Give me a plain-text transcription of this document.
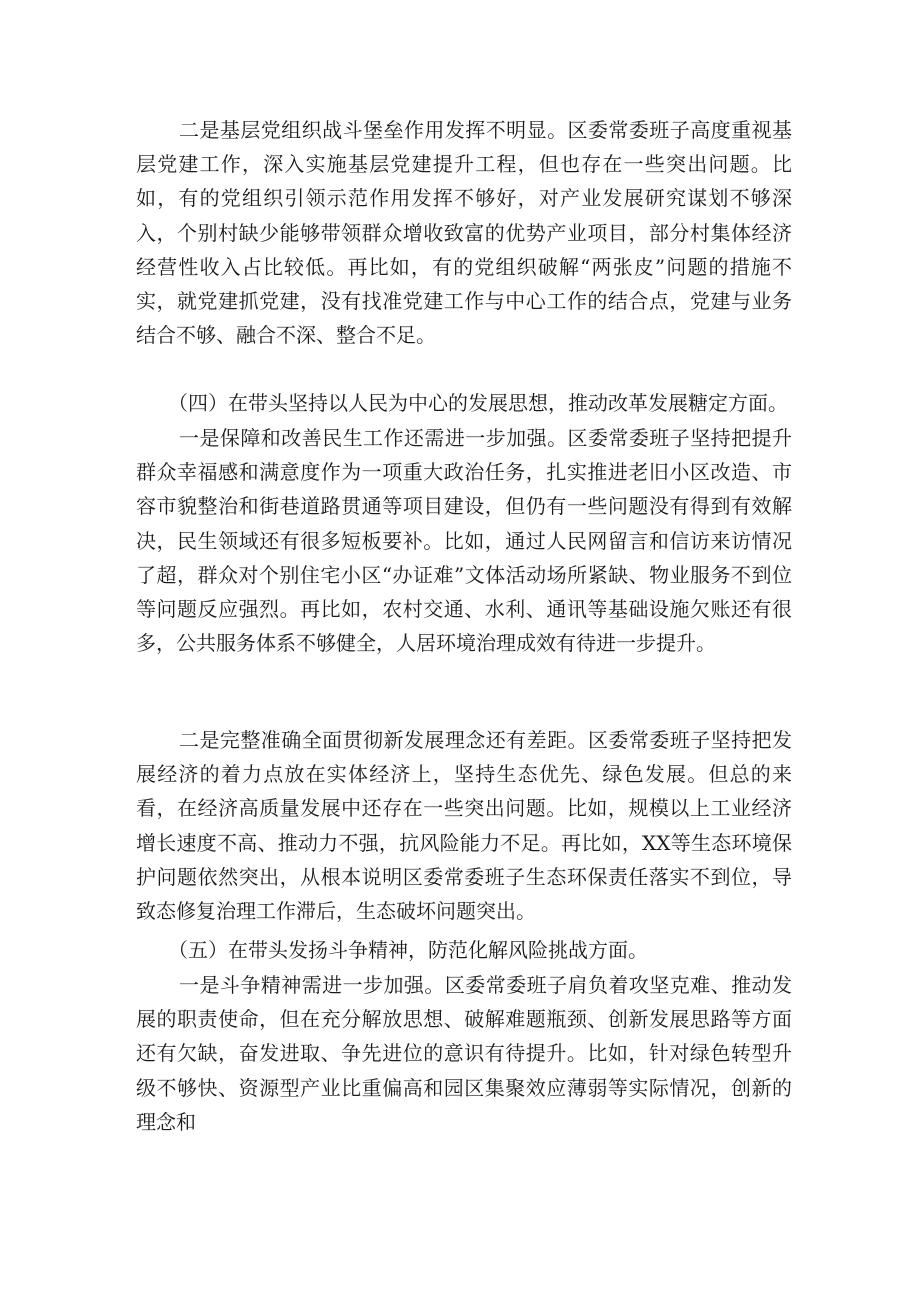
二是基层党组织战斗堡垒作用发挥不明显。区委常委班子高度重视基层党建工作，深入实施基层党建提升工程，但也存在一些突出问题。比如，有的党组织引领示范作用发挥不够好，对产业发展研究谋划不够深入，个别村缺少能够带领群众增收致富的优势产业项目，部分村集体经济经营性收入占比较低。再比如，有的党组织破解“两张皮”问题的措施不实，就党建抓党建，没有找准党建工作与中心工作的结合点，党建与业务结合不够、融合不深、整合不足。

（四）在带头坚持以人民为中心的发展思想，推动改革发展糖定方面。

一是保障和改善民生工作还需进一步加强。区委常委班子坚持把提升群众幸福感和满意度作为一项重大政治任务，扎实推进老旧小区改造、市容市貌整治和街巷道路贯通等项目建设，但仍有一些问题没有得到有效解决，民生领域还有很多短板要补。比如，通过人民网留言和信访来访情况了超，群众对个别住宅小区“办证难”文体活动场所紧缺、物业服务不到位等问题反应强烈。再比如，农村交通、水利、通讯等基础设施欠账还有很多，公共服务体系不够健全，人居环境治理成效有待进一步提升。

二是完整准确全面贯彻新发展理念还有差距。区委常委班子坚持把发展经济的着力点放在实体经济上，坚持生态优先、绿色发展。但总的来看，在经济高质量发展中还存在一些突出问题。比如，规模以上工业经济增长速度不高、推动力不强，抗风险能力不足。再比如，XX等生态环境保护问题依然突出，从根本说明区委常委班子生态环保责任落实不到位，导致态修复治理工作滞后，生态破坏问题突出。

（五）在带头发扬斗争精神，防范化解风险挑战方面。

一是斗争精神需进一步加强。区委常委班子肩负着攻坚克难、推动发展的职责使命，但在充分解放思想、破解难题瓶颈、创新发展思路等方面还有欠缺，奋发进取、争先进位的意识有待提升。比如，针对绿色转型升级不够快、资源型产业比重偏高和园区集聚效应薄弱等实际情况，创新的理念和
